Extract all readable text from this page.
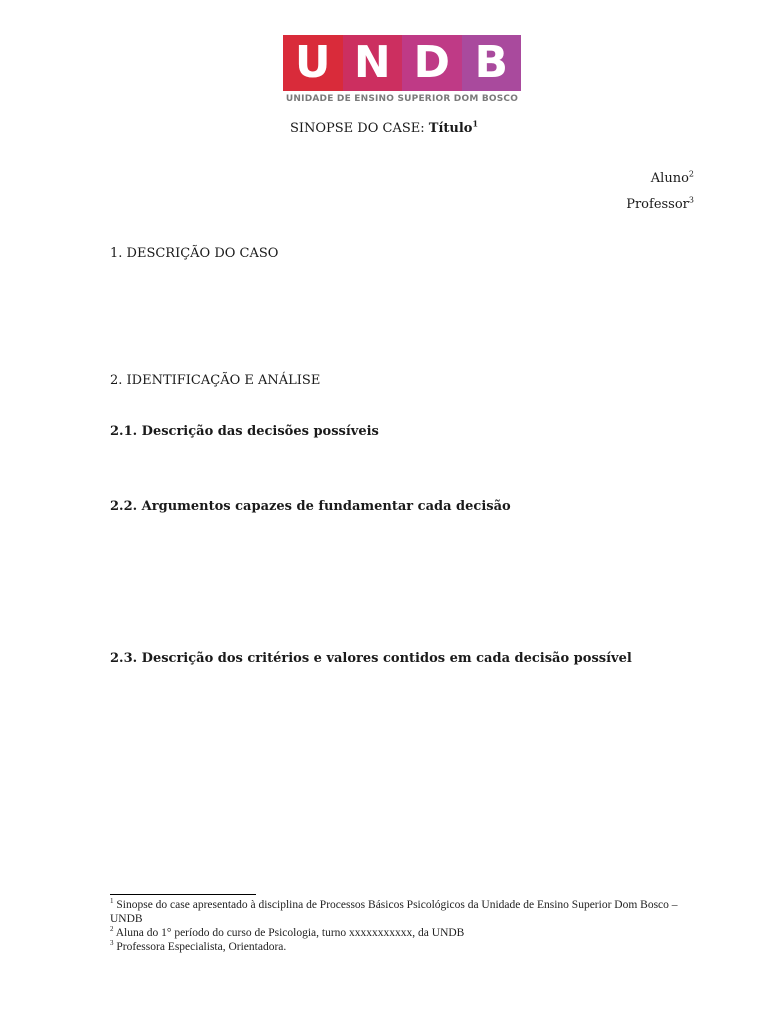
U N D B
UNIDADE DE ENSINO SUPERIOR DOM BOSCO
SINOPSE DO CASE: Título$^1$
Aluno$^2$
Professor$^3$
1. DESCRIÇÃO DO CASO
2. IDENTIFICAÇÃO E ANÁLISE
2.1. Descrição das decisões possíveis
2.2. Argumentos capazes de fundamentar cada decisão
2.3. Descrição dos critérios e valores contidos em cada decisão possível
$^1$ Sinopse do case apresentado à disciplina de Processos Básicos Psicológicos da Unidade de Ensino Superior Dom Bosco – UNDB
$^2$ Aluna do 1° período do curso de Psicologia, turno xxxxxxxxxxx, da UNDB
$^3$ Professora Especialista, Orientadora.
